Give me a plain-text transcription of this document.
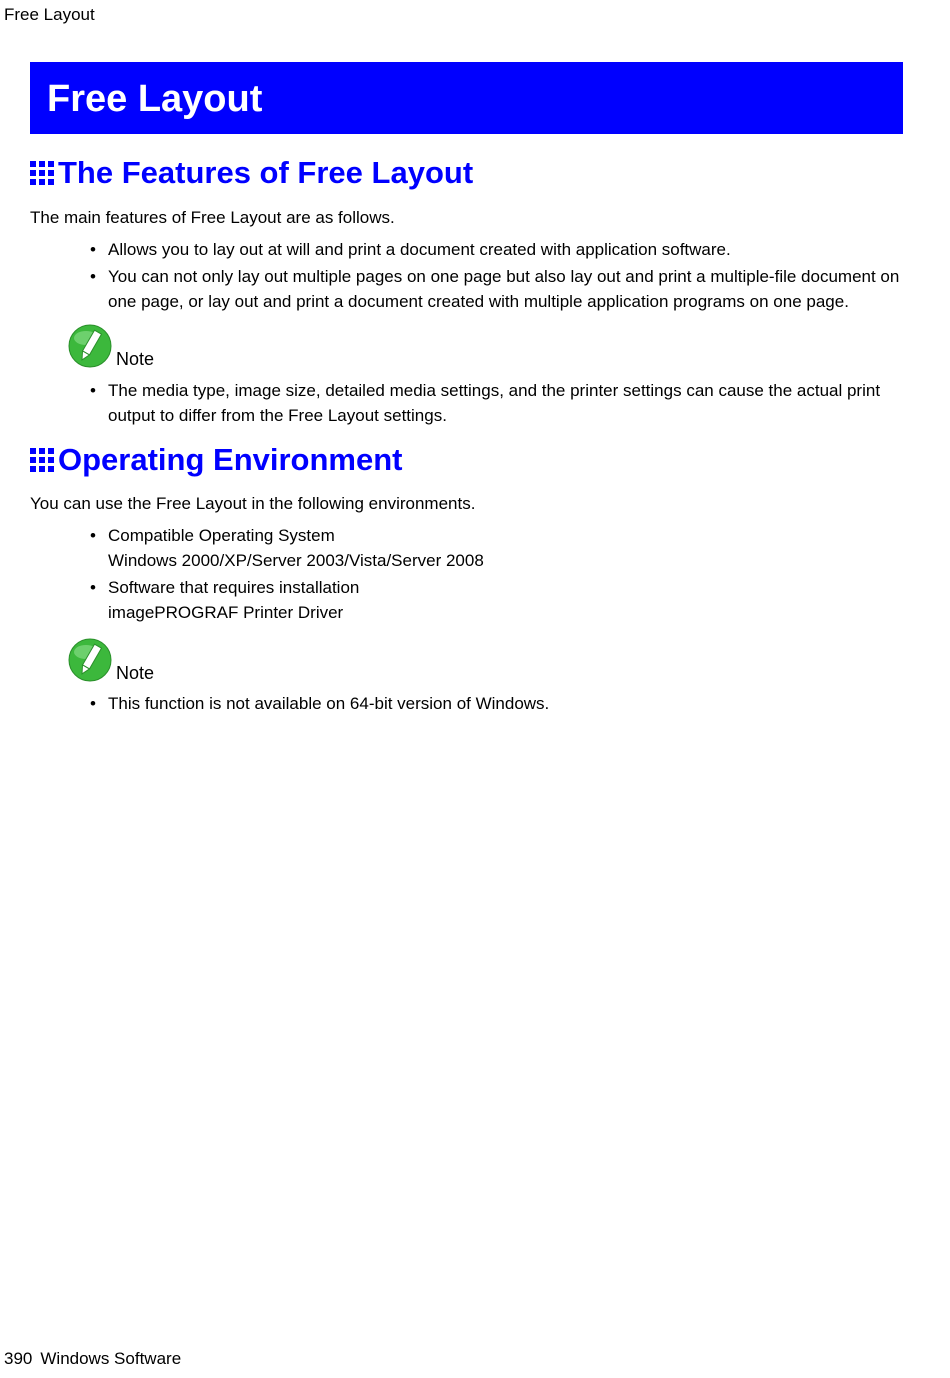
Free Layout
Free Layout
The Features of Free Layout
The main features of Free Layout are as follows.
• Allows you to lay out at will and print a document created with application software.
• You can not only lay out multiple pages on one page but also lay out and print a multiple-file document on one page, or lay out and print a document created with multiple application programs on one page.
Note
• The media type, image size, detailed media settings, and the printer settings can cause the actual print output to differ from the Free Layout settings.
Operating Environment
You can use the Free Layout in the following environments.
• Compatible Operating System
Windows 2000/XP/Server 2003/Vista/Server 2008
• Software that requires installation
imagePROGRAF Printer Driver
Note
• This function is not available on 64-bit version of Windows.
390 Windows Software
